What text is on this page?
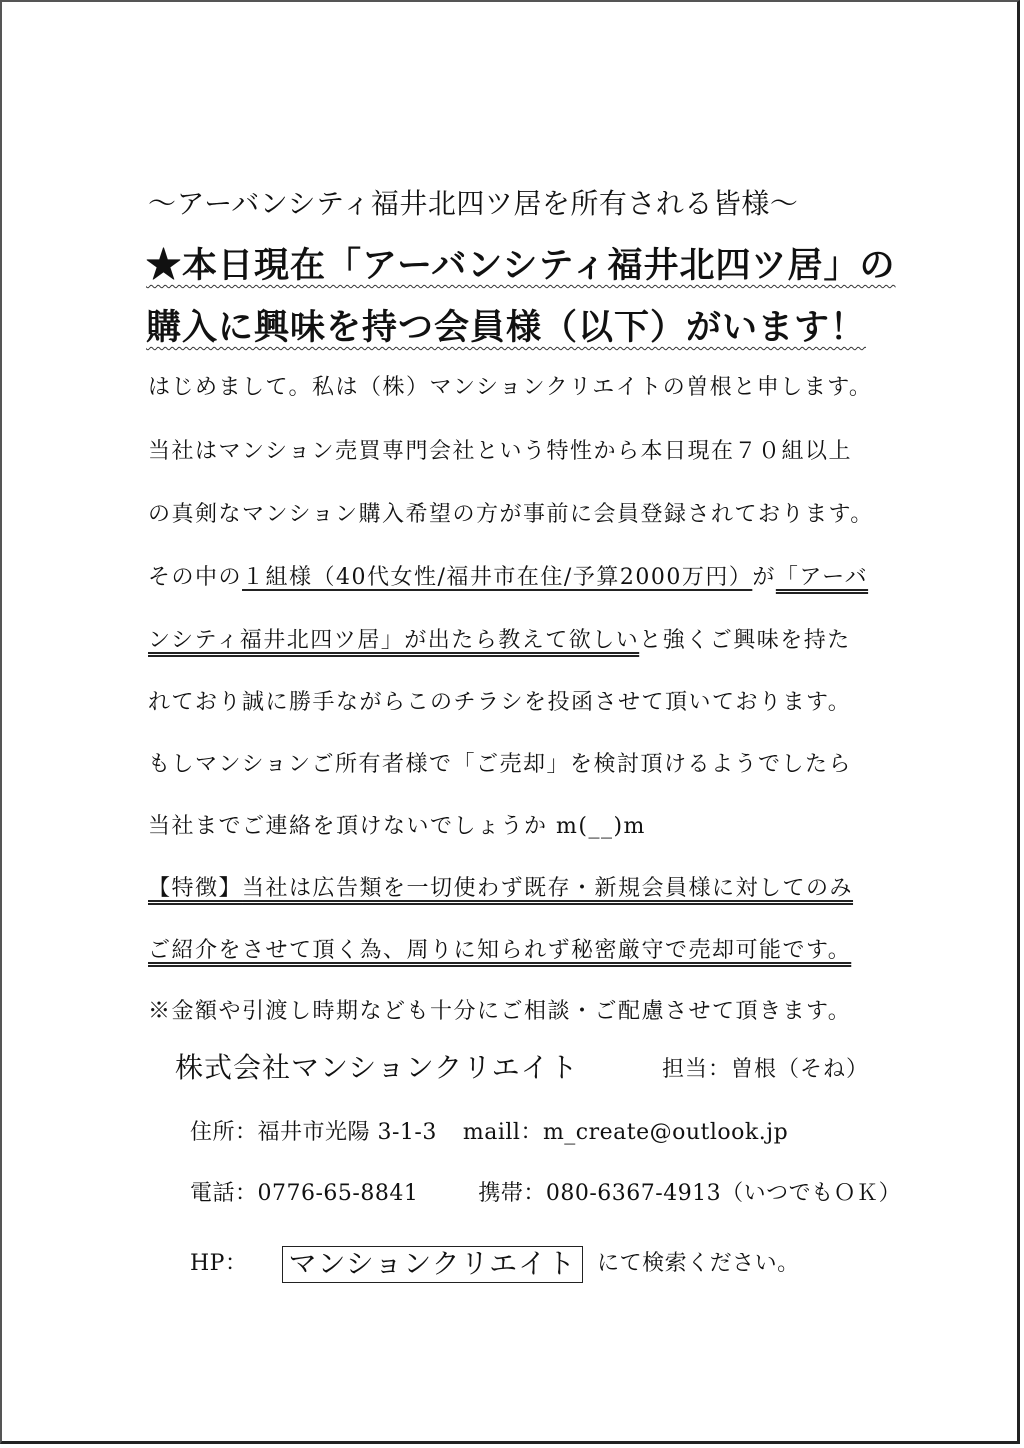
～アーバンシティ福井北四ツ居を所有される皆様～
★本日現在「アーバンシティ福井北四ツ居」の
購入に興味を持つ会員様（以下）がいます！
はじめまして。私は（株）マンションクリエイトの曽根と申します。
当社はマンション売買専門会社という特性から本日現在７０組以上
の真剣なマンション購入希望の方が事前に会員登録されております。
その中の１組様（40代女性/福井市在住/予算2000万円）が「アーバ
ンシティ福井北四ツ居」が出たら教えて欲しいと強くご興味を持た
れており誠に勝手ながらこのチラシを投函させて頂いております。
もしマンションご所有者様で「ご売却」を検討頂けるようでしたら
当社までご連絡を頂けないでしょうか m(__)m
【特徴】当社は広告類を一切使わず既存・新規会員様に対してのみ
ご紹介をさせて頂く為、周りに知られず秘密厳守で売却可能です。
※金額や引渡し時期なども十分にご相談・ご配慮させて頂きます。
株式会社マンションクリエイト	担当：曽根（そね）
住所：福井市光陽 3-1-3 maill：m_create@outlook.jp
電話：0776-65-8841	携帯：080-6367-4913（いつでもＯＫ）
HP： マンションクリエイト にて検索ください。
